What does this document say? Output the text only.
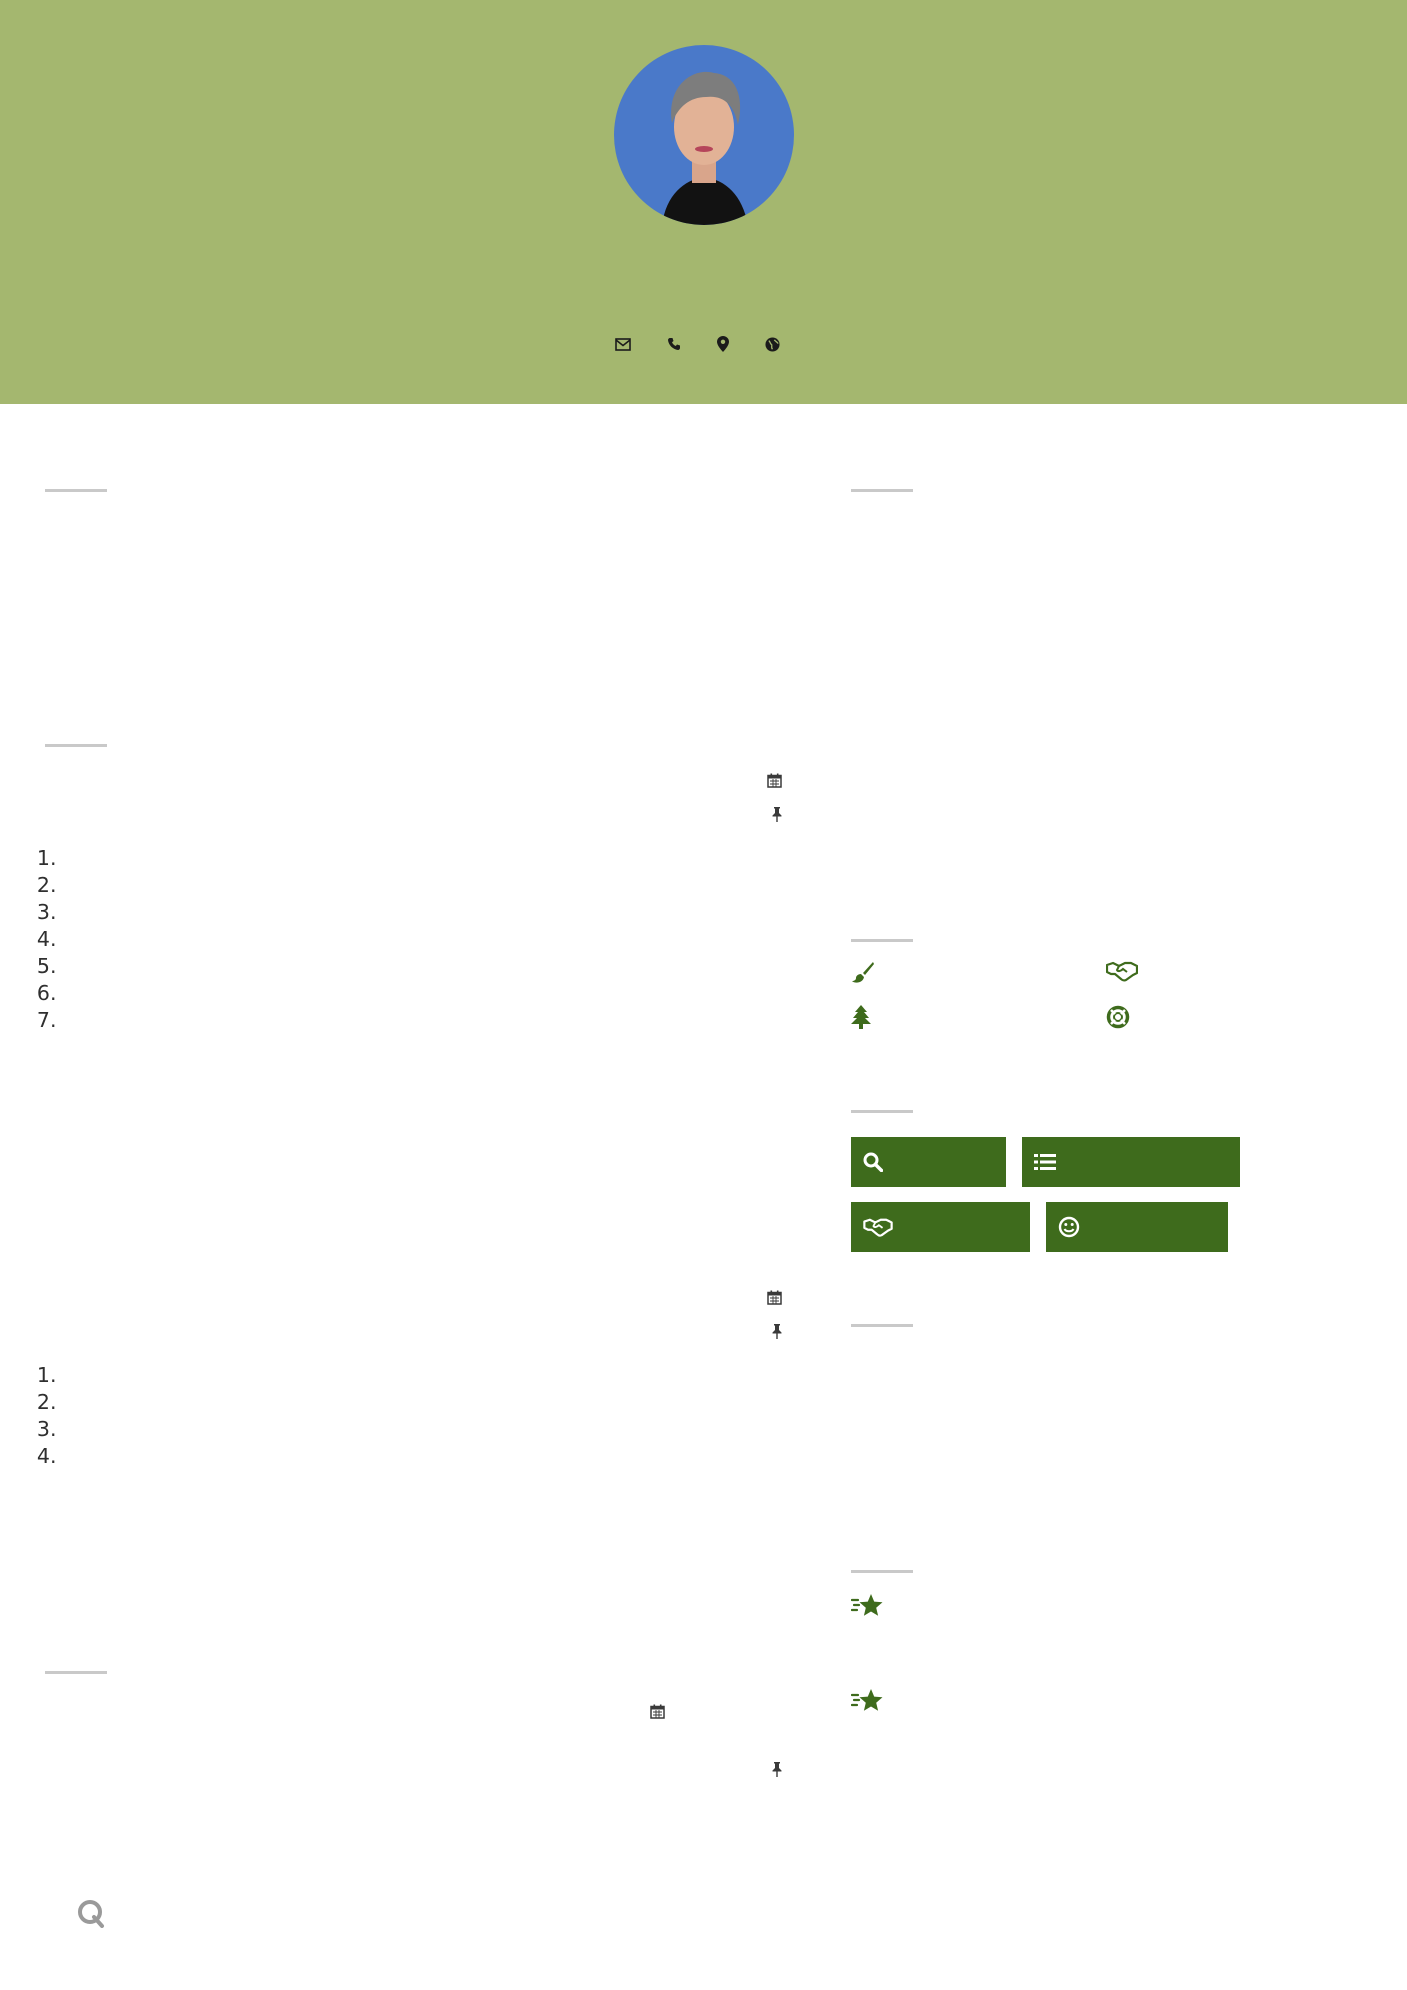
1.
2.
3.
4.
5.
6.
7.
1.
2.
3.
4.
